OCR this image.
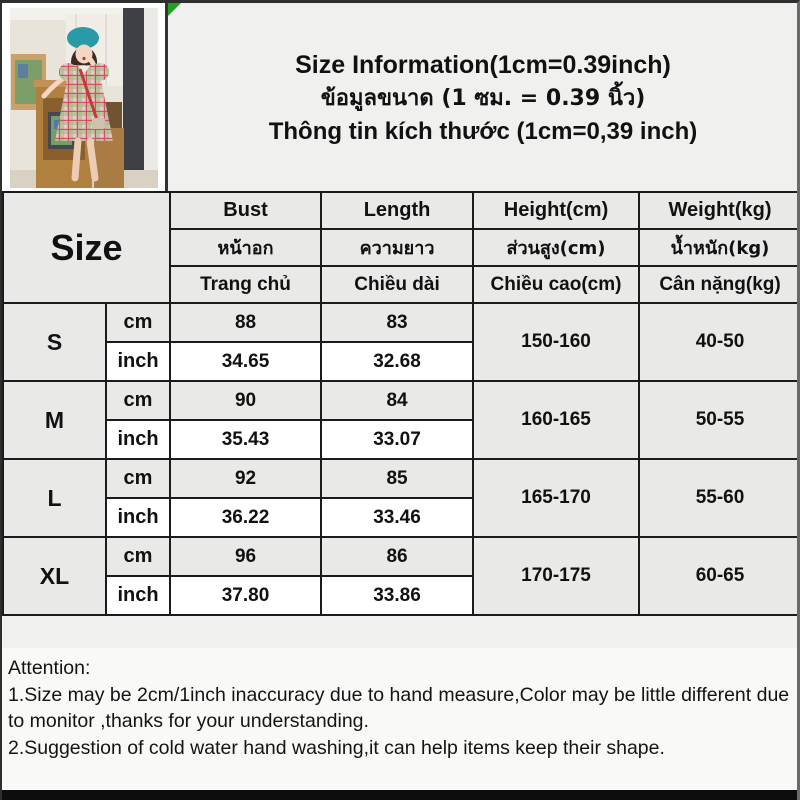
Size Information(1cm=0.39inch)
ข้อมูลขนาด (1 ซม. = 0.39 นิ้ว)
Thông tin kích thước (1cm=0,39 inch)
Size		Bust	Length	Height(cm)	Weight(kg)
		หน้าอก	ความยาว	ส่วนสูง(cm)	น้ำหนัก(kg)
		Trang chủ	Chiều dài	Chiều cao(cm)	Cân nặng(kg)
S	cm	88	83	150-160	40-50
	inch	34.65	32.68		
M	cm	90	84	160-165	50-55
	inch	35.43	33.07		
L	cm	92	85	165-170	55-60
	inch	36.22	33.46		
XL	cm	96	86	170-175	60-65
	inch	37.80	33.86		
Attention:
1.Size may be 2cm/1inch inaccuracy due to hand measure,Color may be little different due to monitor ,thanks for your understanding.
2.Suggestion of cold water hand washing,it can help items keep their shape.
